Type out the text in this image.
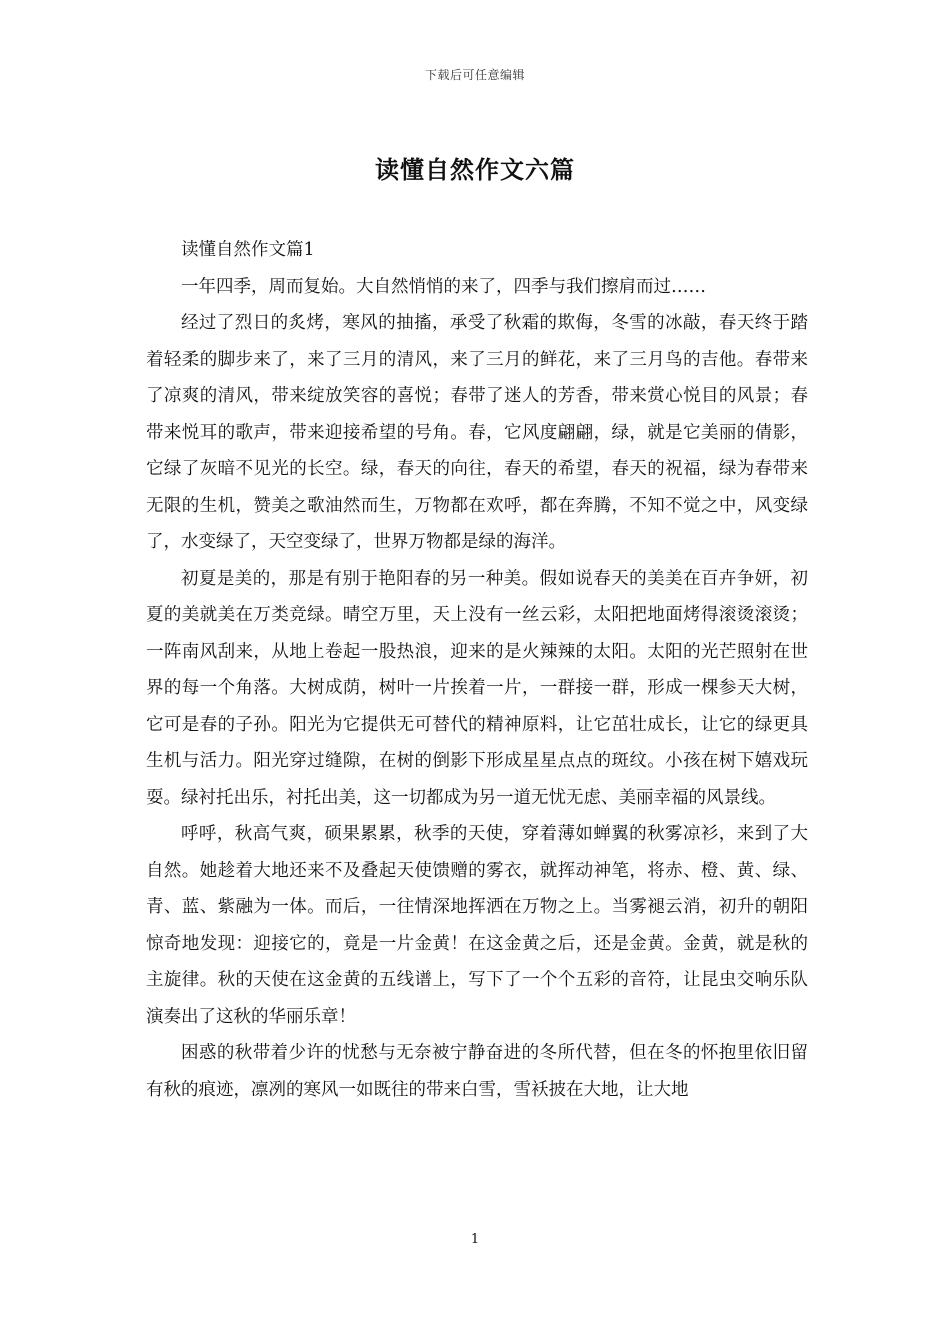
下载后可任意编辑
读懂自然作文六篇

读懂自然作文篇1

一年四季，周而复始。大自然悄悄的来了，四季与我们擦肩而过……

经过了烈日的炙烤，寒风的抽搐，承受了秋霜的欺侮，冬雪的冰敲，春天终于踏着轻柔的脚步来了，来了三月的清风，来了三月的鲜花，来了三月鸟的吉他。春带来了凉爽的清风，带来绽放笑容的喜悦；春带了迷人的芳香，带来赏心悦目的风景；春带来悦耳的歌声，带来迎接希望的号角。春，它风度翩翩，绿，就是它美丽的倩影，它绿了灰暗不见光的长空。绿，春天的向往，春天的希望，春天的祝福，绿为春带来无限的生机，赞美之歌油然而生，万物都在欢呼，都在奔腾，不知不觉之中，风变绿了，水变绿了，天空变绿了，世界万物都是绿的海洋。

初夏是美的，那是有别于艳阳春的另一种美。假如说春天的美美在百卉争妍，初夏的美就美在万类竞绿。晴空万里，天上没有一丝云彩，太阳把地面烤得滚烫滚烫；一阵南风刮来，从地上卷起一股热浪，迎来的是火辣辣的太阳。太阳的光芒照射在世界的每一个角落。大树成荫，树叶一片挨着一片，一群接一群，形成一棵参天大树，它可是春的子孙。阳光为它提供无可替代的精神原料，让它茁壮成长，让它的绿更具生机与活力。阳光穿过缝隙，在树的倒影下形成星星点点的斑纹。小孩在树下嬉戏玩耍。绿衬托出乐，衬托出美，这一切都成为另一道无忧无虑、美丽幸福的风景线。

呼呼，秋高气爽，硕果累累，秋季的天使，穿着薄如蝉翼的秋雾凉衫，来到了大自然。她趁着大地还来不及叠起天使馈赠的雾衣，就挥动神笔，将赤、橙、黄、绿、青、蓝、紫融为一体。而后，一往情深地挥洒在万物之上。当雾褪云消，初升的朝阳惊奇地发现：迎接它的，竟是一片金黄！在这金黄之后，还是金黄。金黄，就是秋的主旋律。秋的天使在这金黄的五线谱上，写下了一个个五彩的音符，让昆虫交响乐队演奏出了这秋的华丽乐章！

困惑的秋带着少许的忧愁与无奈被宁静奋进的冬所代替，但在冬的怀抱里依旧留有秋的痕迹，凛冽的寒风一如既往的带来白雪，雪袄披在大地，让大地

1
